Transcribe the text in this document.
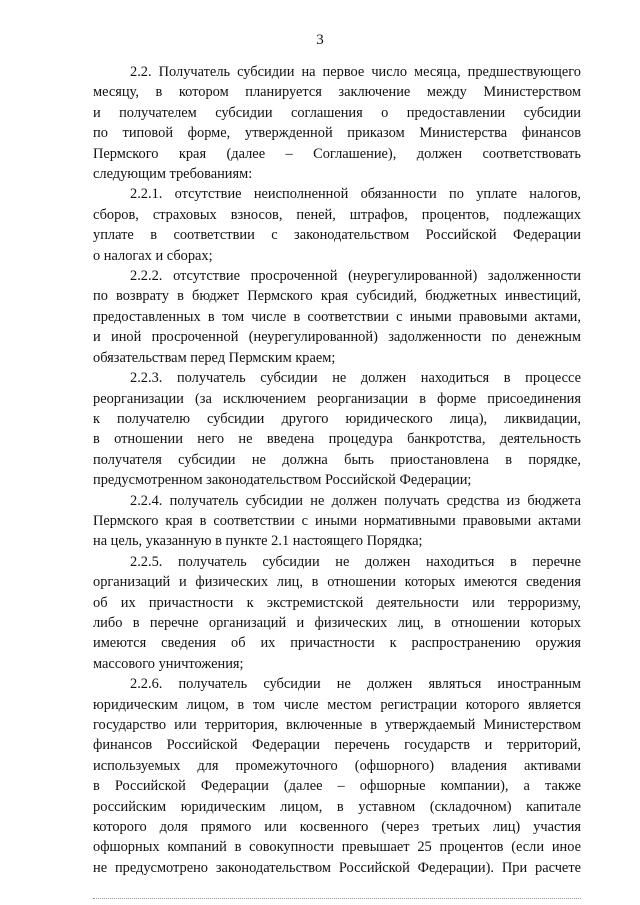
3
2.2. Получатель субсидии на первое число месяца, предшествующего
месяцу, в котором планируется заключение между Министерством
и получателем субсидии соглашения о предоставлении субсидии
по типовой форме, утвержденной приказом Министерства финансов
Пермского края (далее – Соглашение), должен соответствовать
следующим требованиям:
2.2.1. отсутствие неисполненной обязанности по уплате налогов,
сборов, страховых взносов, пеней, штрафов, процентов, подлежащих
уплате в соответствии с законодательством Российской Федерации
о налогах и сборах;
2.2.2. отсутствие просроченной (неурегулированной) задолженности
по возврату в бюджет Пермского края субсидий, бюджетных инвестиций,
предоставленных в том числе в соответствии с иными правовыми актами,
и иной просроченной (неурегулированной) задолженности по денежным
обязательствам перед Пермским краем;
2.2.3. получатель субсидии не должен находиться в процессе
реорганизации (за исключением реорганизации в форме присоединения
к получателю субсидии другого юридического лица), ликвидации,
в отношении него не введена процедура банкротства, деятельность
получателя субсидии не должна быть приостановлена в порядке,
предусмотренном законодательством Российской Федерации;
2.2.4. получатель субсидии не должен получать средства из бюджета
Пермского края в соответствии с иными нормативными правовыми актами
на цель, указанную в пункте 2.1 настоящего Порядка;
2.2.5. получатель субсидии не должен находиться в перечне
организаций и физических лиц, в отношении которых имеются сведения
об их причастности к экстремистской деятельности или терроризму,
либо в перечне организаций и физических лиц, в отношении которых
имеются сведения об их причастности к распространению оружия
массового уничтожения;
2.2.6. получатель субсидии не должен являться иностранным
юридическим лицом, в том числе местом регистрации которого является
государство или территория, включенные в утверждаемый Министерством
финансов Российской Федерации перечень государств и территорий,
используемых для промежуточного (офшорного) владения активами
в Российской Федерации (далее – офшорные компании), а также
российским юридическим лицом, в уставном (складочном) капитале
которого доля прямого или косвенного (через третьих лиц) участия
офшорных компаний в совокупности превышает 25 процентов (если иное
не предусмотрено законодательством Российской Федерации). При расчете
